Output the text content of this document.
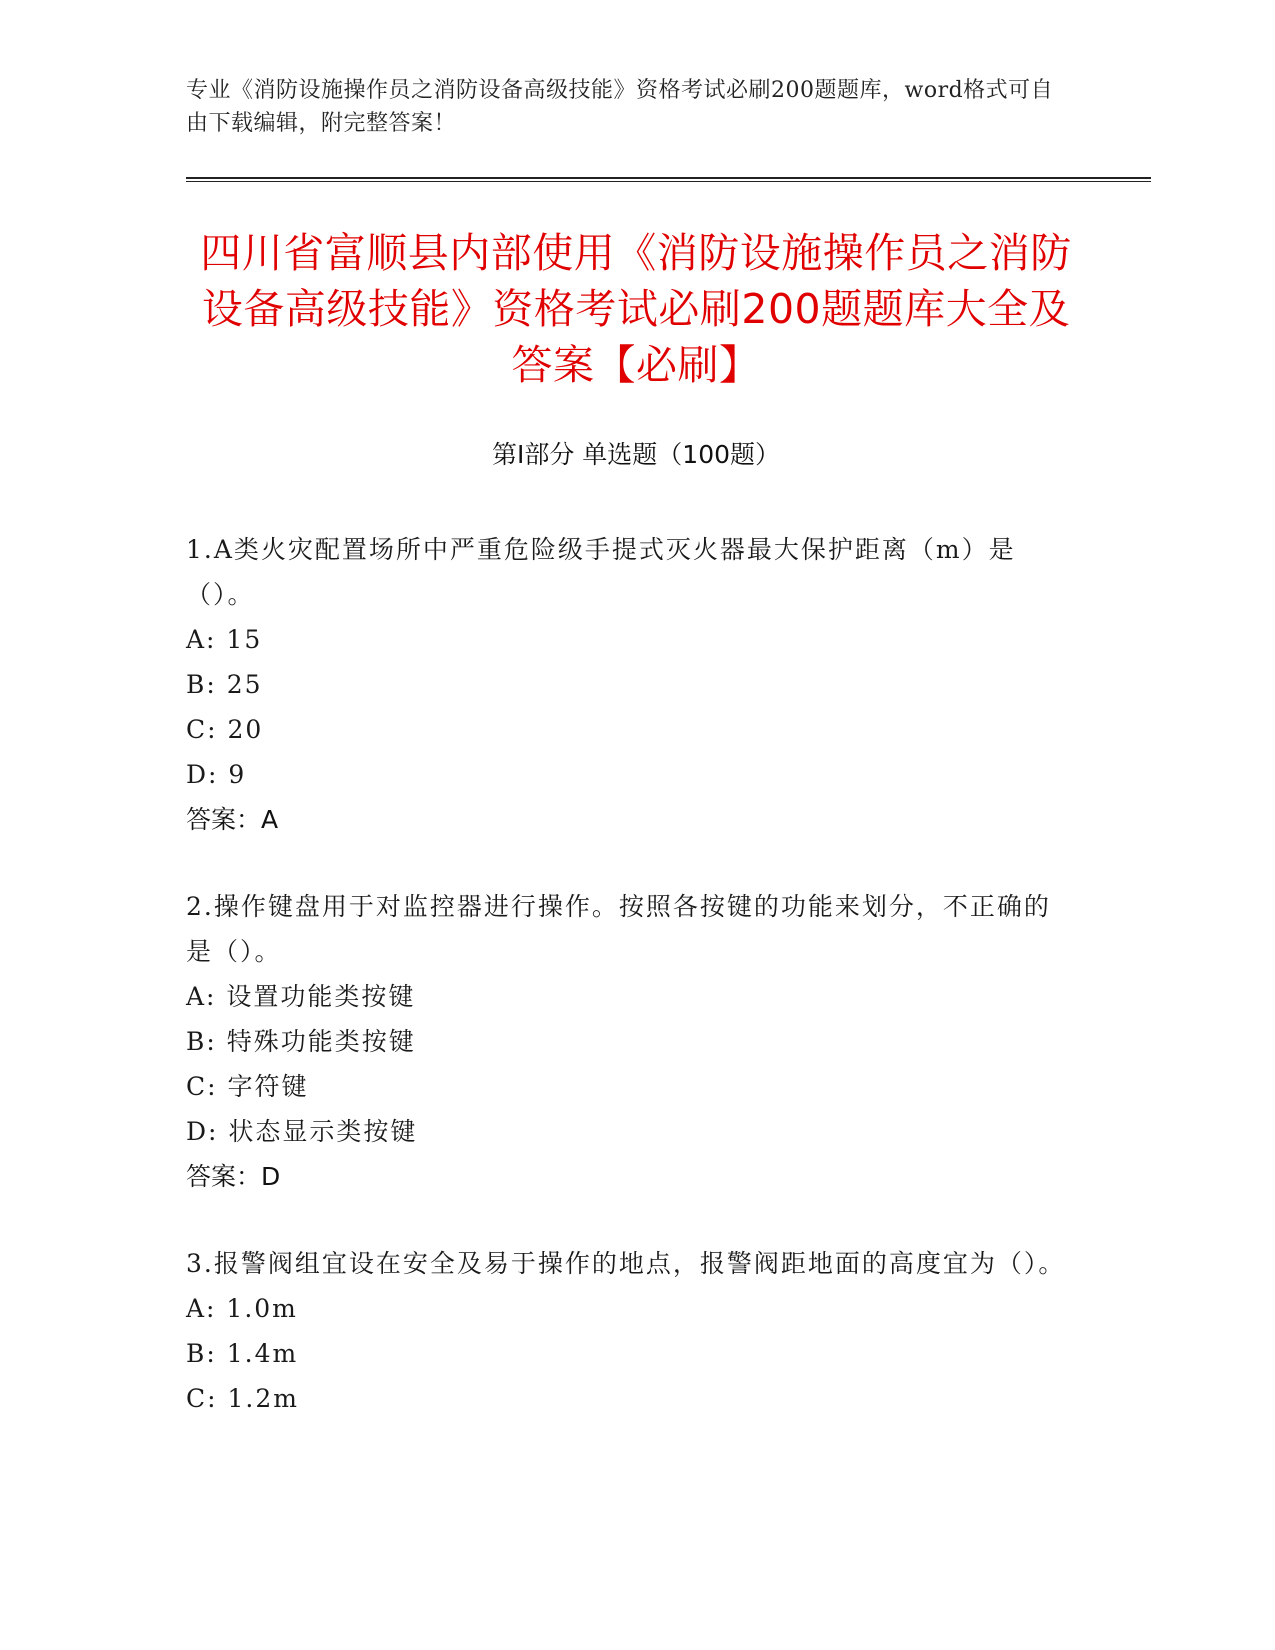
专业《消防设施操作员之消防设备高级技能》资格考试必刷200题题库，word格式可自由下载编辑，附完整答案！
四川省富顺县内部使用《消防设施操作员之消防设备高级技能》资格考试必刷200题题库大全及答案【必刷】
第Ⅰ部分 单选题（100题）
1.A类火灾配置场所中严重危险级手提式灭火器最大保护距离（m）是（）。
A: 15
B: 25
C: 20
D: 9
答案：A
2.操作键盘用于对监控器进行操作。按照各按键的功能来划分，不正确的是（）。
A: 设置功能类按键
B: 特殊功能类按键
C: 字符键
D: 状态显示类按键
答案：D
3.报警阀组宜设在安全及易于操作的地点，报警阀距地面的高度宜为（）。
A: 1.0m
B: 1.4m
C: 1.2m
